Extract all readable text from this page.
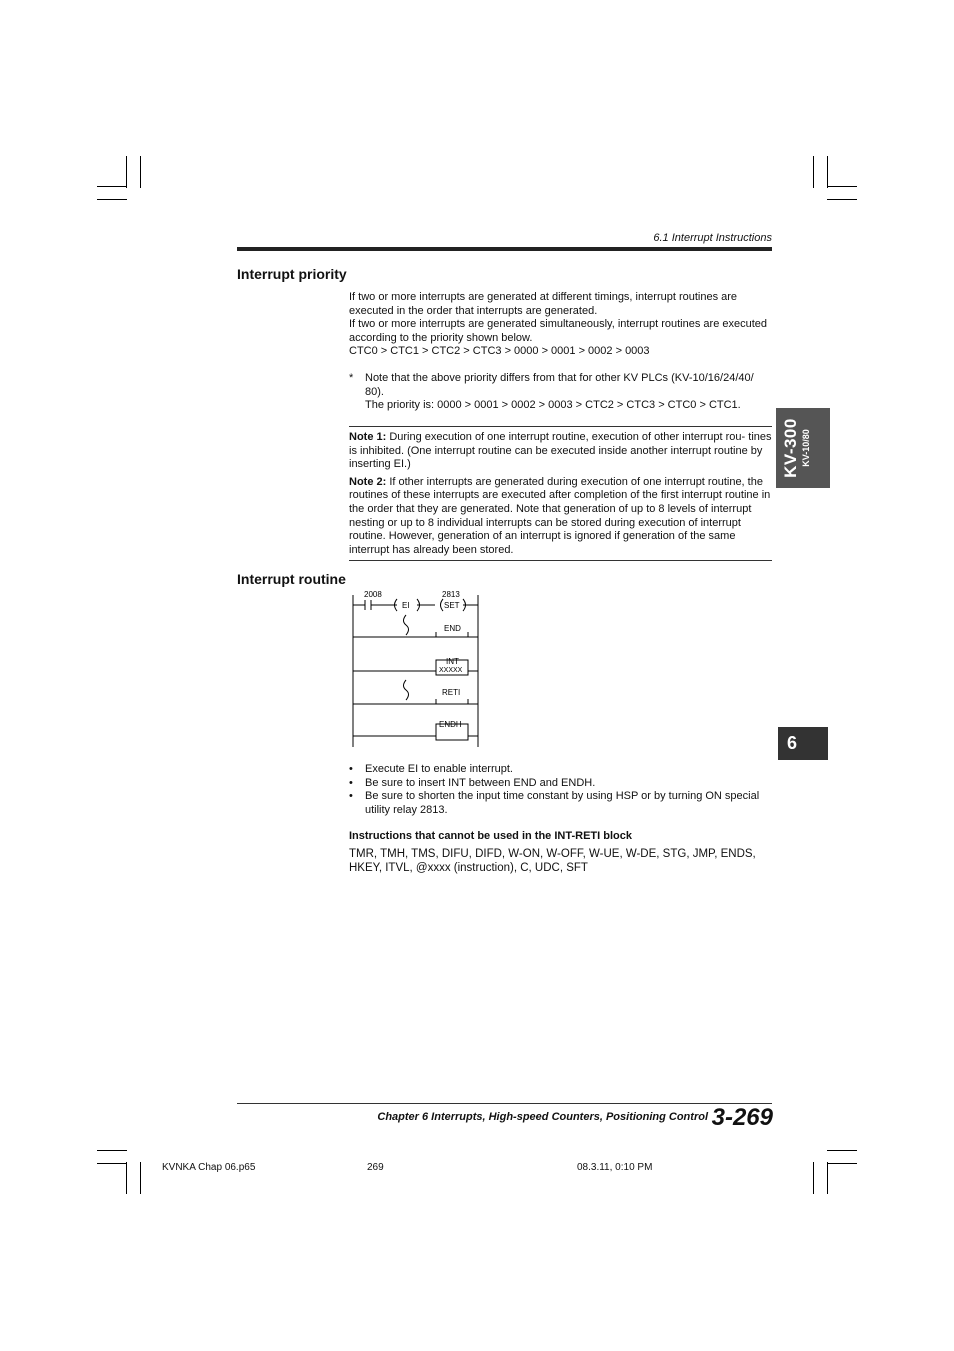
6.1 Interrupt Instructions
KV-300 KV-10/80
6
Interrupt priority

If two or more interrupts are generated at different timings, interrupt routines are executed in the order that interrupts are generated.

If two or more interrupts are generated simultaneously, interrupt routines are executed according to the priority shown below.

CTC0 > CTC1 > CTC2 > CTC3 > 0000 > 0001 > 0002 > 0003

* Note that the above priority differs from that for other KV PLCs (KV-10/16/24/40/ 80).

The priority is: 0000 > 0001 > 0002 > 0003 > CTC2 > CTC3 > CTC0 > CTC1.

Note 1: During execution of one interrupt routine, execution of other interrupt rou- tines is inhibited. (One interrupt routine can be executed inside another interrupt routine by inserting EI.)

Note 2: If other interrupts are generated during execution of one interrupt routine, the routines of these interrupts are executed after completion of the first interrupt routine in the order that they are generated. Note that generation of up to 8 levels of interrupt nesting or up to 8 individual interrupts can be stored during execution of interrupt routine. However, generation of an interrupt is ignored if generation of the same interrupt has already been stored.

Interrupt routine
2008
EI
2813
SET
END
INT
XXXXX
RETI
ENDH
• Execute EI to enable interrupt.
• Be sure to insert INT between END and ENDH.
• Be sure to shorten the input time constant by using HSP or by turning ON special utility relay 2813.
Instructions that cannot be used in the INT-RETI block
TMR, TMH, TMS, DIFU, DIFD, W-ON, W-OFF, W-UE, W-DE, STG, JMP, ENDS, HKEY, ITVL, @xxxx (instruction), C, UDC, SFT
Chapter 6 Interrupts, High-speed Counters, Positioning Control 3-269
KVNKA Chap 06.p65	269	08.3.11, 0:10 PM
